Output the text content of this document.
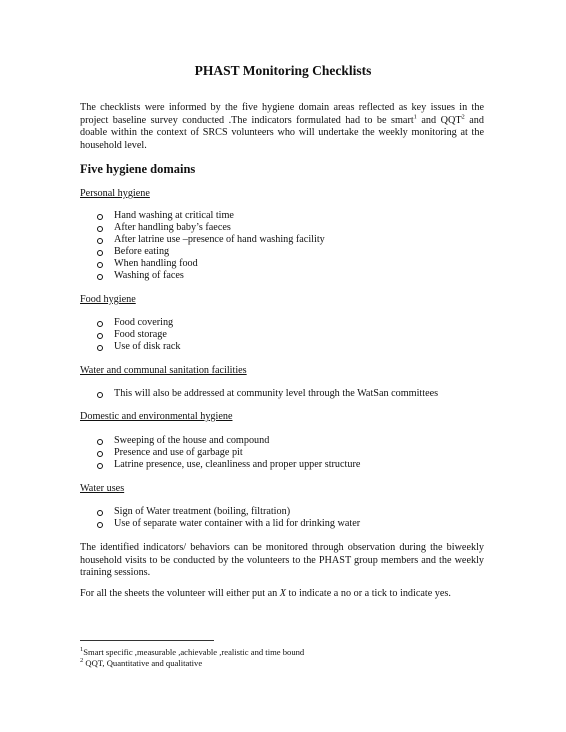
PHAST Monitoring Checklists
The checklists were informed by the five hygiene domain areas reflected as key issues in the project baseline survey conducted .The indicators formulated had to be smart$^1$ and QQT$^2$ and doable within the context of SRCS volunteers who will undertake the weekly monitoring at the household level.
Five hygiene domains
Personal hygiene
Hand washing at critical time
After handling baby’s faeces
After latrine use –presence of hand washing facility
Before eating
When handling food
Washing of faces
Food hygiene
Food covering
Food storage
Use of disk rack
Water and communal sanitation facilities
This will also be addressed at community level through the WatSan committees
Domestic and environmental hygiene
Sweeping of the house and compound
Presence and use of garbage pit
Latrine presence, use, cleanliness and proper upper structure
Water uses
Sign of Water treatment (boiling, filtration)
Use of separate water container with a lid for drinking water
The identified indicators/ behaviors can be monitored through observation during the biweekly household visits to be conducted by the volunteers to the PHAST group members and the weekly training sessions.
For all the sheets the volunteer will either put an X to indicate a no or a tick to indicate yes.
$^1$Smart specific ,measurable ,achievable ,realistic and time bound
$^2$ QQT, Quantitative and qualitative
